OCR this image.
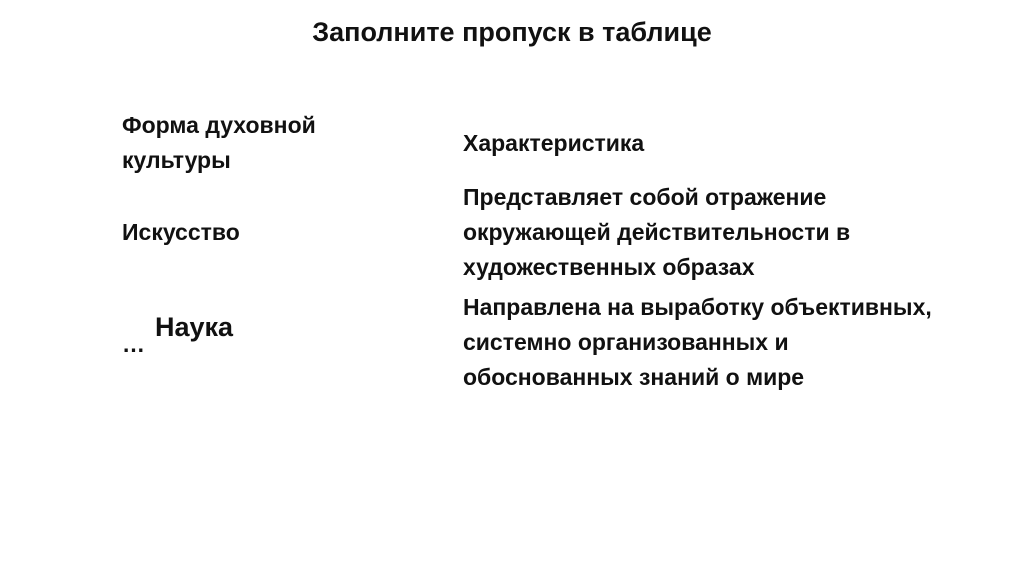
Заполните пропуск в таблице
Форма духовной
культуры
Характеристика
Искусство
Представляет собой отражение
окружающей действительности в
художественных образах
…Наука
Направлена на выработку объективных,
системно организованных и
обоснованных знаний о мире
